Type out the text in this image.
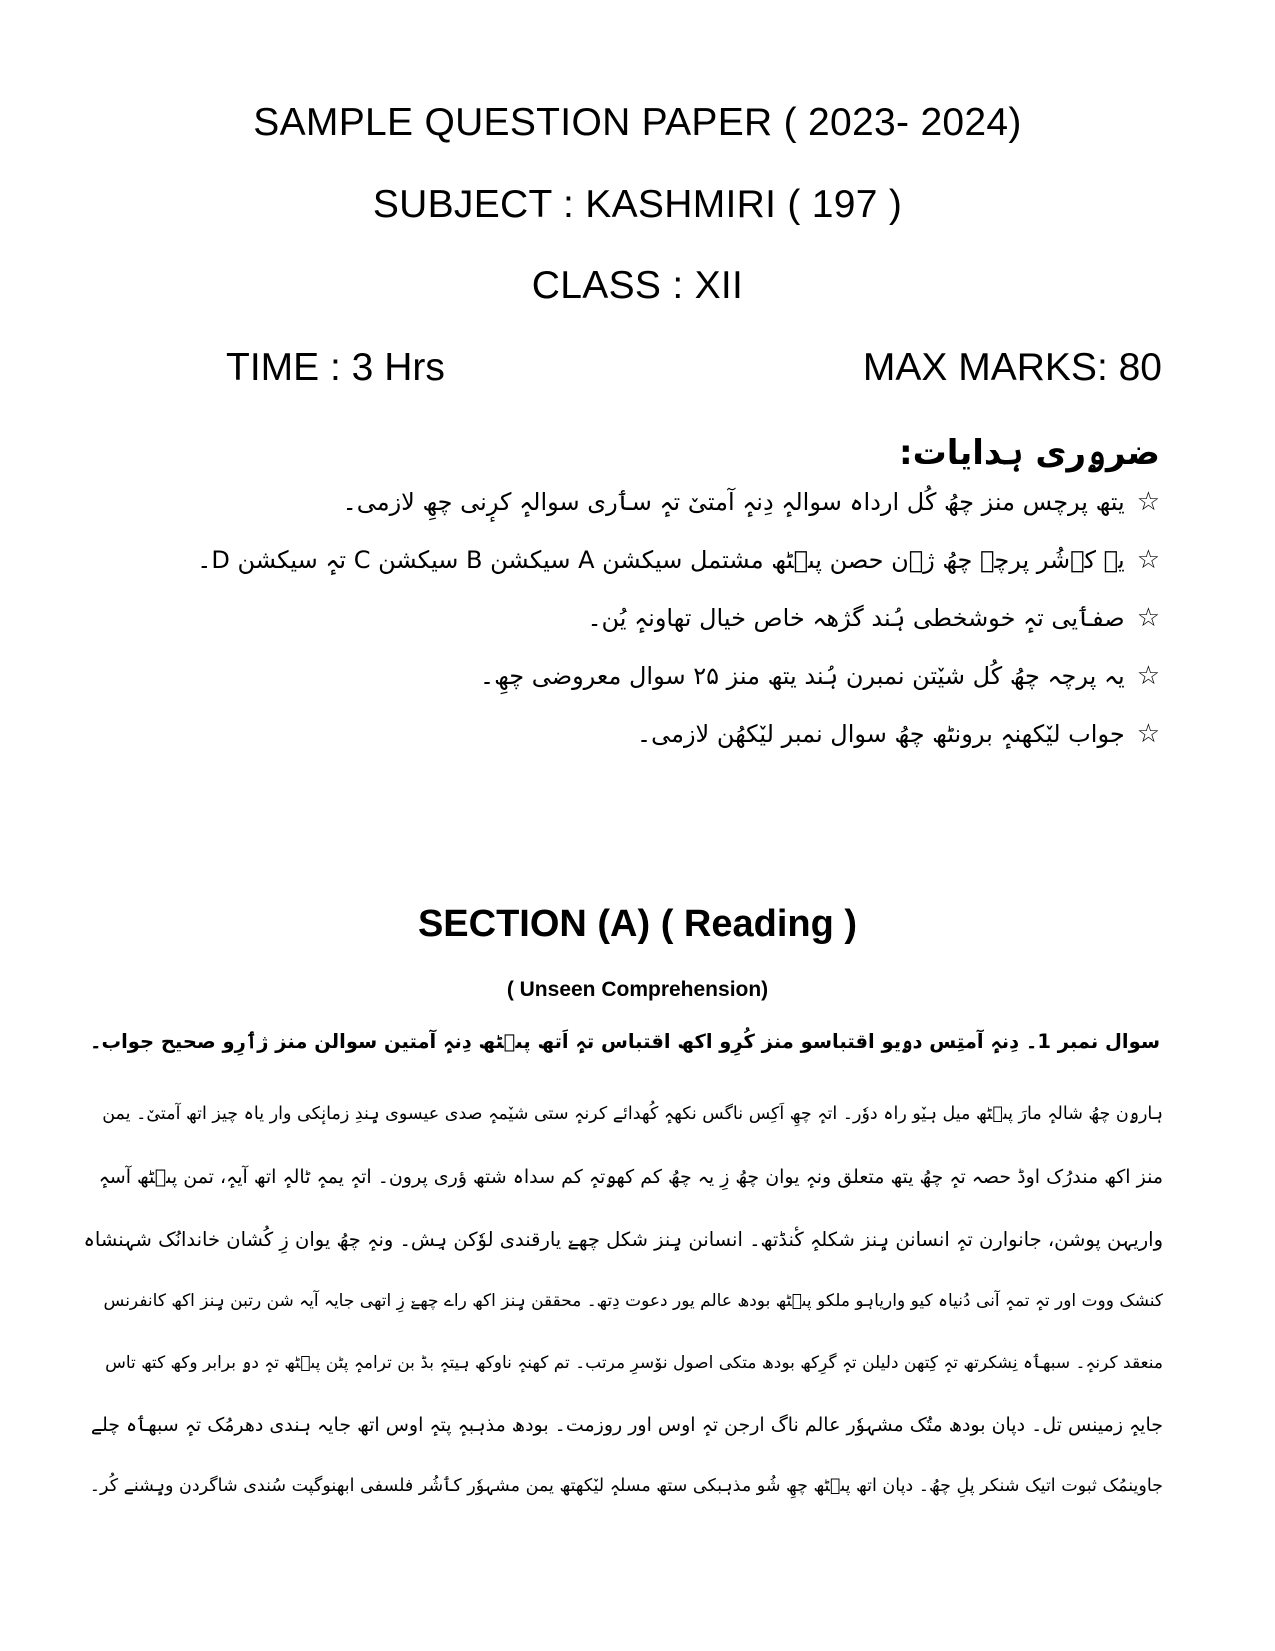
SAMPLE QUESTION PAPER ( 2023- 2024)
SUBJECT : KASHMIRI ( 197 )
CLASS : XII
TIME : 3 Hrs	MAX MARKS: 80
ضرۄری ہدایات:
☆یتھ پرچس منز چھُ کُل ارداہ سوالہٕ دِنہٕ آمتیٚ تہٕ سٲری سوالہٕ کرٕنی چھِ لازمی۔
☆یہ کٲشُر پرچہ چھُ ژۄن حصن پٮ۪ٹھ مشتمل سیکشن A سیکشن B سیکشن C تہٕ سیکشن D۔
☆صفٲیی تہٕ خوشخطی ہُند گژھہ خاص خیال تھاونہٕ یُن۔
☆یہ پرچہ چھُ کُل شیٚتن نمبرن ہُند یتھ منز ۲۵ سوال معروضی چھِ۔
☆جواب لیٚکھنہٕ برونٹھ چھُ سوال نمبر لیٚکھُن لازمی۔
SECTION (A) ( Reading )
( Unseen Comprehension)
سوال نمبر 1۔ دِنہٕ آمتِس دۄیو اقتباسو منز کُرِو اکھ اقتباس تہٕ اَتھ پٮ۪ٹھ دِنہٕ آمتین سوالن منز ژٲرِو صحیح جواب۔
ہارۄن چھُ شالہٕ مارَ پٮ۪ٹھ میل ہیٚو راہ دوٗر۔ اتہٕ چھِ اَکِس ناگس نکھہٕ کُھدائے کرنہٕ ستی شیٚمہٕ صدی عیسوی ہٕندِ زمانٕکی وار یاہ چیز اتھ آمتیٚ۔ یمن
منز اکھ مندرُک اوڈ حصہ تہٕ چھُ یتھ متعلق ونہٕ یوان چھُ زِ یہ چھُ کم کھۄتہٕ کم سداہ شتھ ؤری پرون۔ اتہٕ یمہٕ ٹالہٕ اتھ آیہٕ، تمن پٮ۪ٹھ آسہٕ
واریہن پوشن، جانوارن تہٕ انسانن ہٕنز شکلہٕ کٔنڈتھ۔ انسانن ہٕنز شکل چھےٚ یارقندی لوٗکن ہِش۔ ونہٕ چھُ یوان زِ کُشان خاندانُک شہنشاہ
کنشک ووت اور تہٕ تمہٕ آنی دُنیاہ کیو واریاہو ملکو پٮ۪ٹھ بودھ عالم یور دعوت دِتھ۔ محققن ہٕنز اکھ راے چھےٚ زِ اتھی جایہ آیہ شن رتبن ہٕنز اکھ کانفرنس
منعقد کرنہٕ۔ سبھٲہ نِشکرتھ تہٕ کِتھن دلیلن تہٕ گرِکھ بودھ متکی اصول نوٚسرِ مرتب۔ تم کھنہٕ ناوکھ ہیتہٕ بڈ بن ترامہٕ پٹن پٮ۪ٹھ تہٕ دۄ برابر وکھ کتھ تاس
جایہٕ زمینس تل۔ دپان بودھ متُک مشہوٗر عالم ناگ ارجن تہٕ اوس اور روزمت۔ بودھ مذہبہٕ پتہٕ اوس اتھ جایہ ہندی دھرمُک تہٕ سبھٲہ چلے
جاوینمُک ثبوت اتیک شنکر پلِ چھُ۔ دپان اتھ پٮ۪ٹھ چھِ شُو مذہبکی ستھ مسلہٕ لیٚکھتھ یمن مشہوٗر کٲشُر فلسفی ابھنوگپت سُندی شاگردن وہٕشنے کُر۔
